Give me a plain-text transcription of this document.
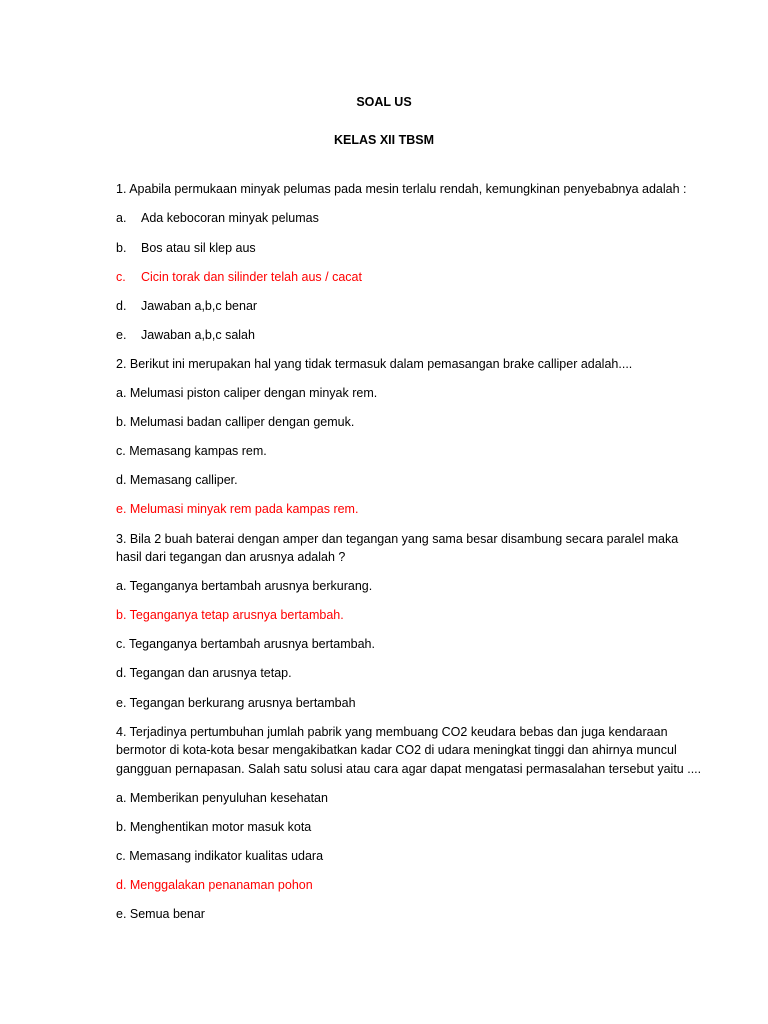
SOAL US
KELAS XII TBSM
1. Apabila permukaan minyak pelumas pada mesin terlalu rendah, kemungkinan penyebabnya adalah :
a. Ada kebocoran minyak pelumas
b. Bos atau sil klep aus
c. Cicin torak dan silinder telah aus / cacat
d. Jawaban a,b,c benar
e. Jawaban a,b,c salah
2. Berikut ini merupakan hal yang tidak termasuk dalam pemasangan brake calliper adalah....
a. Melumasi piston caliper dengan minyak rem.
b. Melumasi badan calliper dengan gemuk.
c. Memasang kampas rem.
d. Memasang calliper.
e. Melumasi minyak rem pada kampas rem.
3. Bila 2 buah baterai dengan amper dan tegangan yang sama besar disambung secara paralel maka
hasil dari tegangan dan arusnya adalah ?
a. Teganganya bertambah arusnya berkurang.
b. Teganganya tetap arusnya bertambah.
c. Teganganya bertambah arusnya bertambah.
d. Tegangan dan arusnya tetap.
e. Tegangan berkurang arusnya bertambah
4. Terjadinya pertumbuhan jumlah pabrik yang membuang CO2 keudara bebas dan juga kendaraan
bermotor di kota-kota besar mengakibatkan kadar CO2 di udara meningkat tinggi dan ahirnya muncul
gangguan pernapasan. Salah satu solusi atau cara agar dapat mengatasi permasalahan tersebut yaitu ....
a. Memberikan penyuluhan kesehatan
b. Menghentikan motor masuk kota
c. Memasang indikator kualitas udara
d. Menggalakan penanaman pohon
e. Semua benar
